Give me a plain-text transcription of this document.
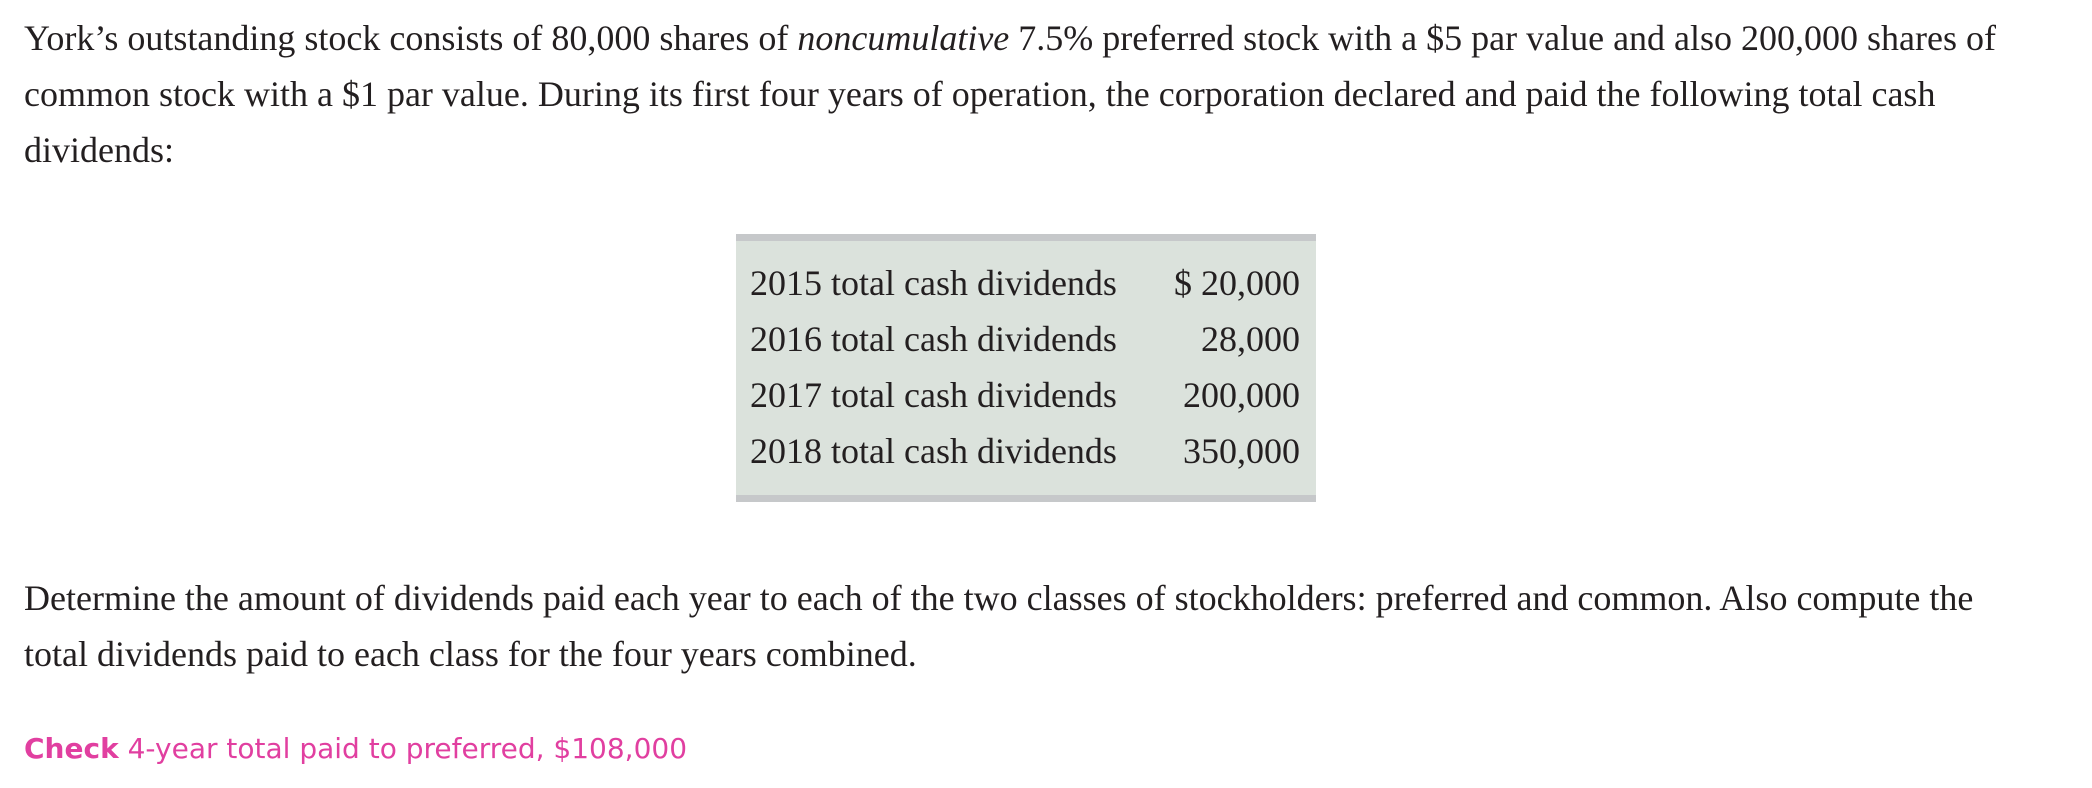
York’s outstanding stock consists of 80,000 shares of noncumulative 7.5% preferred stock with a $5 par value and also 200,000 shares of common stock with a $1 par value. During its first four years of operation, the corporation declared and paid the following total cash dividends:

2015 total cash dividends	$ 20,000
2016 total cash dividends	28,000
2017 total cash dividends	200,000
2018 total cash dividends	350,000

Determine the amount of dividends paid each year to each of the two classes of stockholders: preferred and common. Also compute the total dividends paid to each class for the four years combined.

Check 4-year total paid to preferred, $108,000
